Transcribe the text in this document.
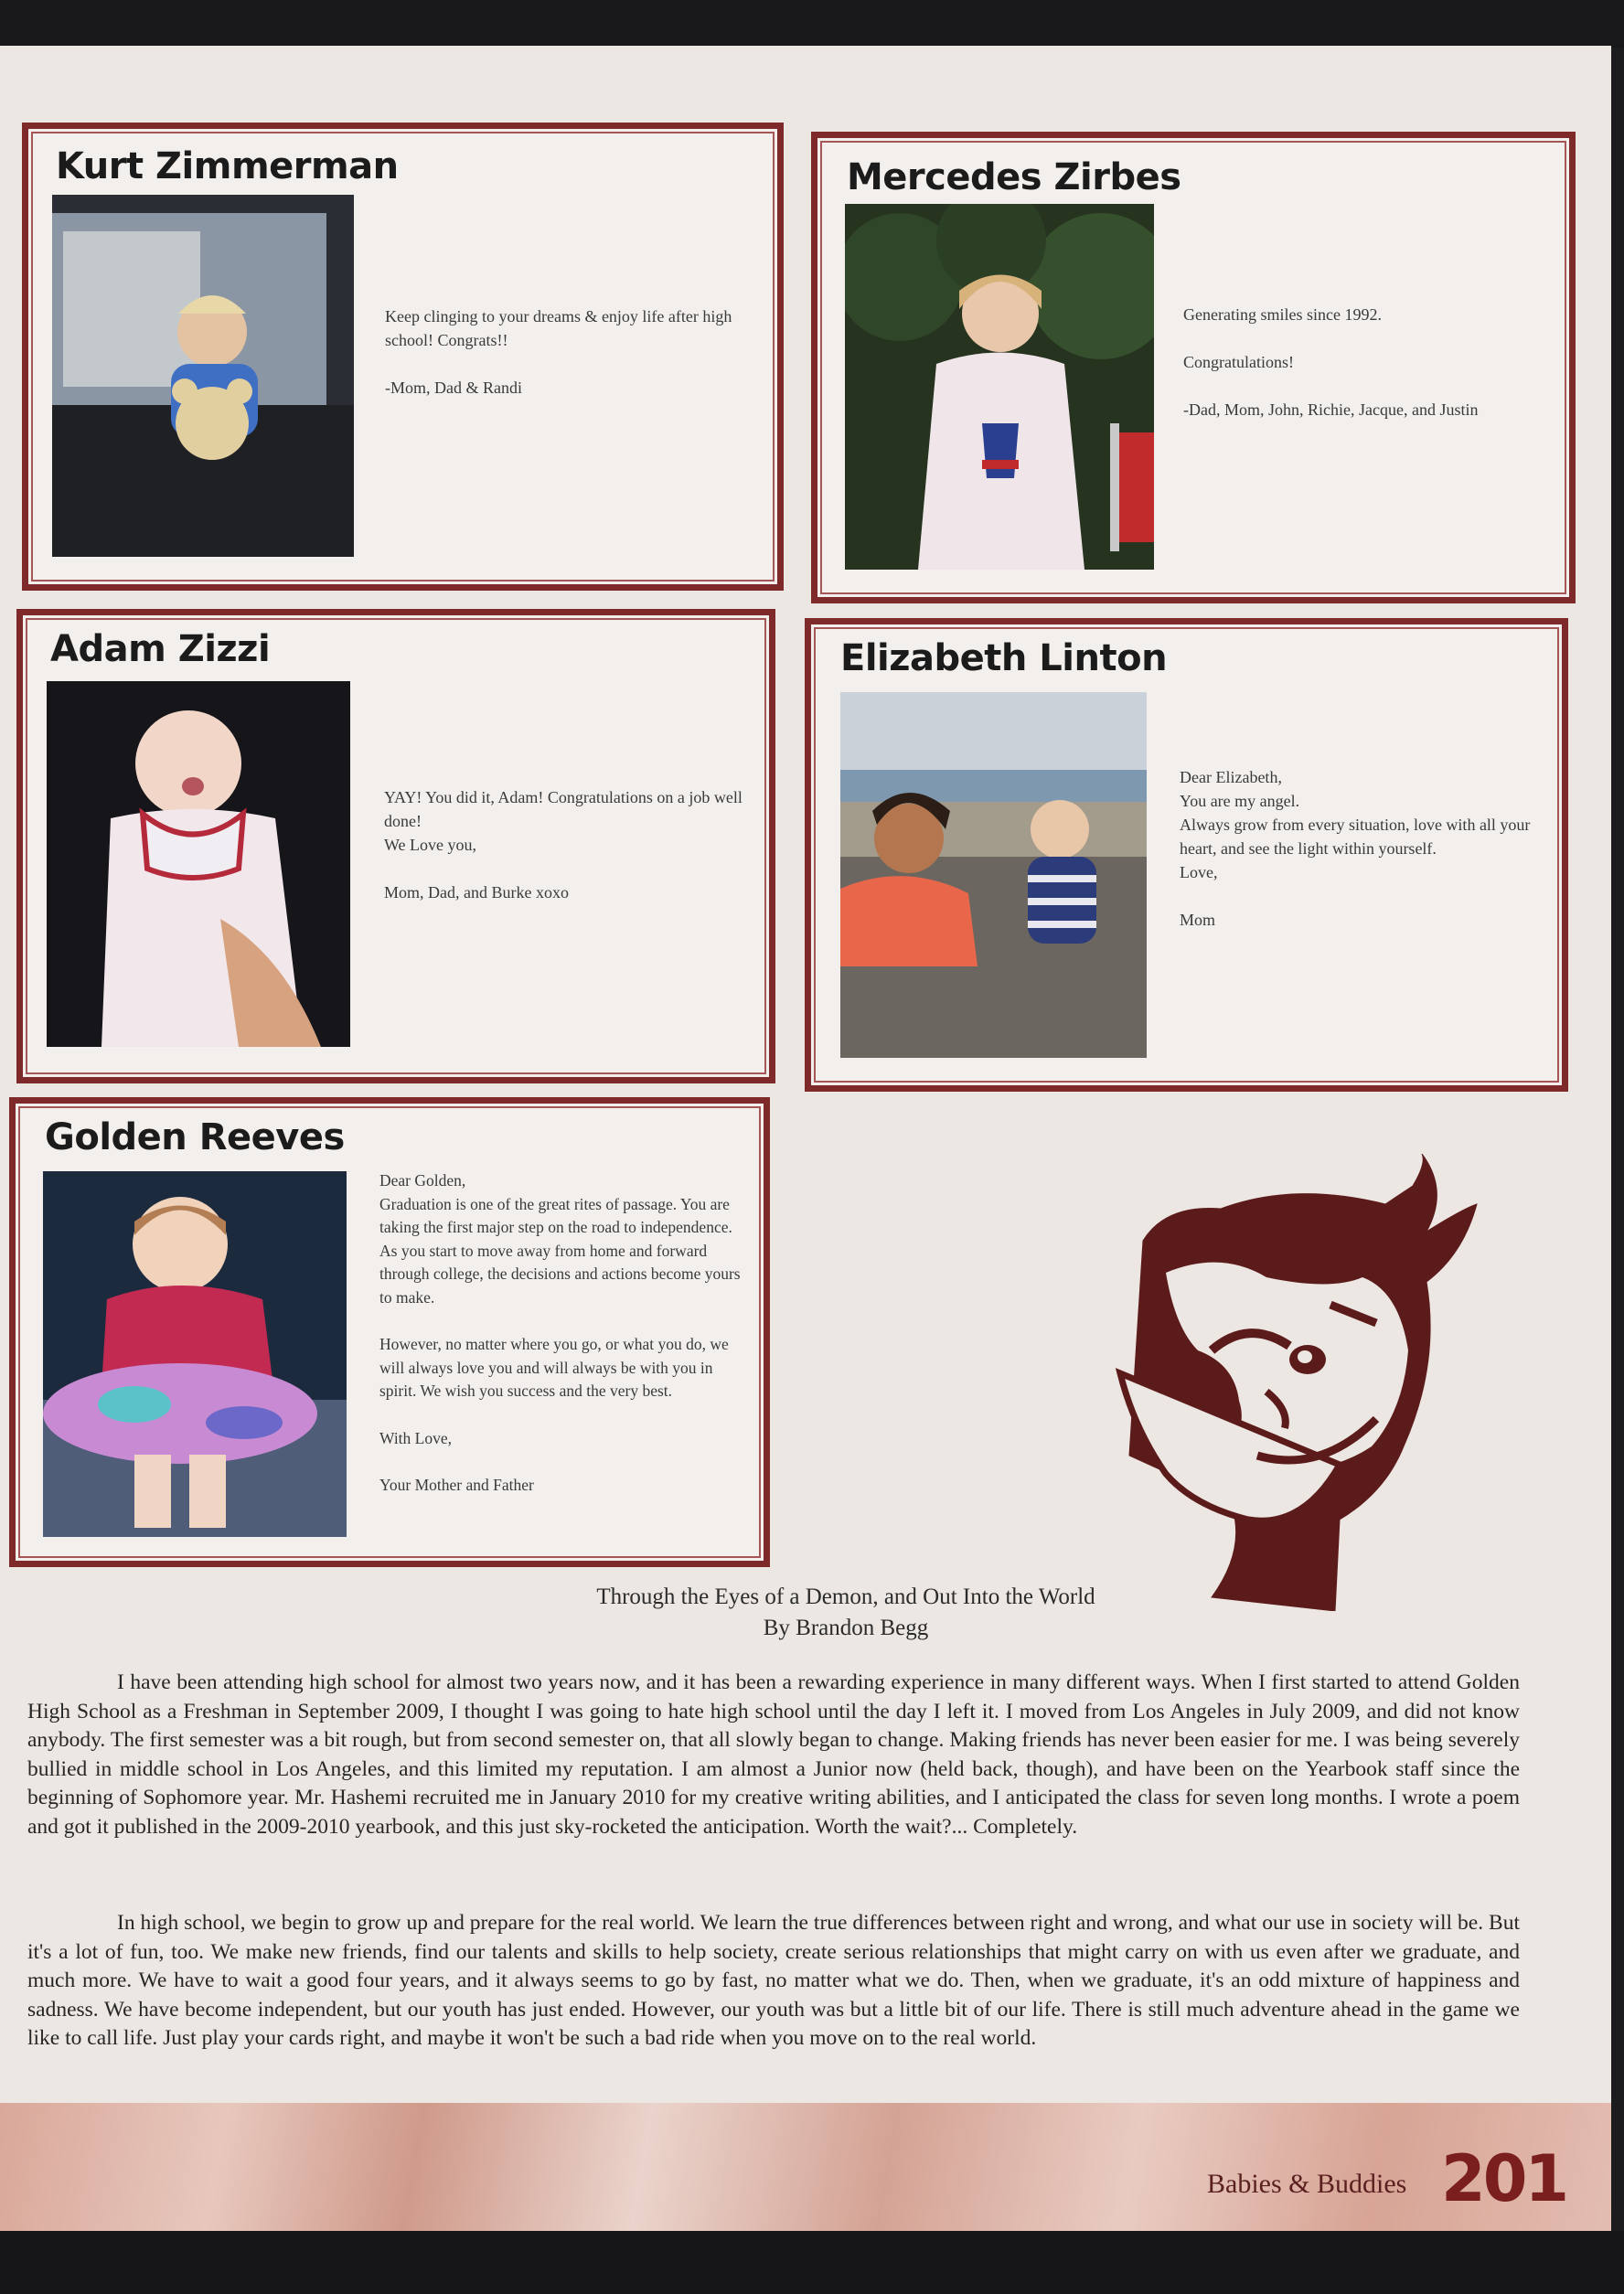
Kurt Zimmerman

Keep clinging to your dreams & enjoy life after high school! Congrats!!

-Mom, Dad & Randi

Mercedes Zirbes

Generating smiles since 1992.

Congratulations!

-Dad, Mom, John, Richie, Jacque, and Justin

Adam Zizzi

YAY! You did it, Adam! Congratulations on a job well done!
We Love you,

Mom, Dad, and Burke xoxo

Elizabeth Linton

Dear Elizabeth,
You are my angel.
Always grow from every situation, love with all your heart, and see the light within yourself.
Love,

Mom

Golden Reeves

Dear Golden,
Graduation is one of the great rites of passage. You are taking the first major step on the road to independence. As you start to move away from home and forward through college, the decisions and actions become yours to make.

However, no matter where you go, or what you do, we will always love you and will always be with you in spirit. We wish you success and the very best.

With Love,

Your Mother and Father

Through the Eyes of a Demon, and Out Into the World
By Brandon Begg

I have been attending high school for almost two years now, and it has been a rewarding experience in many different ways. When I first started to attend Golden High School as a Freshman in September 2009, I thought I was going to hate high school until the day I left it. I moved from Los Angeles in July 2009, and did not know anybody. The first semester was a bit rough, but from second semester on, that all slowly began to change. Making friends has never been easier for me. I was being severely bullied in middle school in Los Angeles, and this limited my reputation. I am almost a Junior now (held back, though), and have been on the Yearbook staff since the beginning of Sophomore year. Mr. Hashemi recruited me in January 2010 for my creative writing abilities, and I anticipated the class for seven long months. I wrote a poem and got it published in the 2009-2010 yearbook, and this just sky-rocketed the anticipation. Worth the wait?... Completely.

In high school, we begin to grow up and prepare for the real world. We learn the true differences between right and wrong, and what our use in society will be. But it's a lot of fun, too. We make new friends, find our talents and skills to help society, create serious relationships that might carry on with us even after we graduate, and much more. We have to wait a good four years, and it always seems to go by fast, no matter what we do. Then, when we graduate, it's an odd mixture of happiness and sadness. We have become independent, but our youth has just ended. However, our youth was but a little bit of our life. There is still much adventure ahead in the game we like to call life. Just play your cards right, and maybe it won't be such a bad ride when you move on to the real world.

Babies & Buddies 201
